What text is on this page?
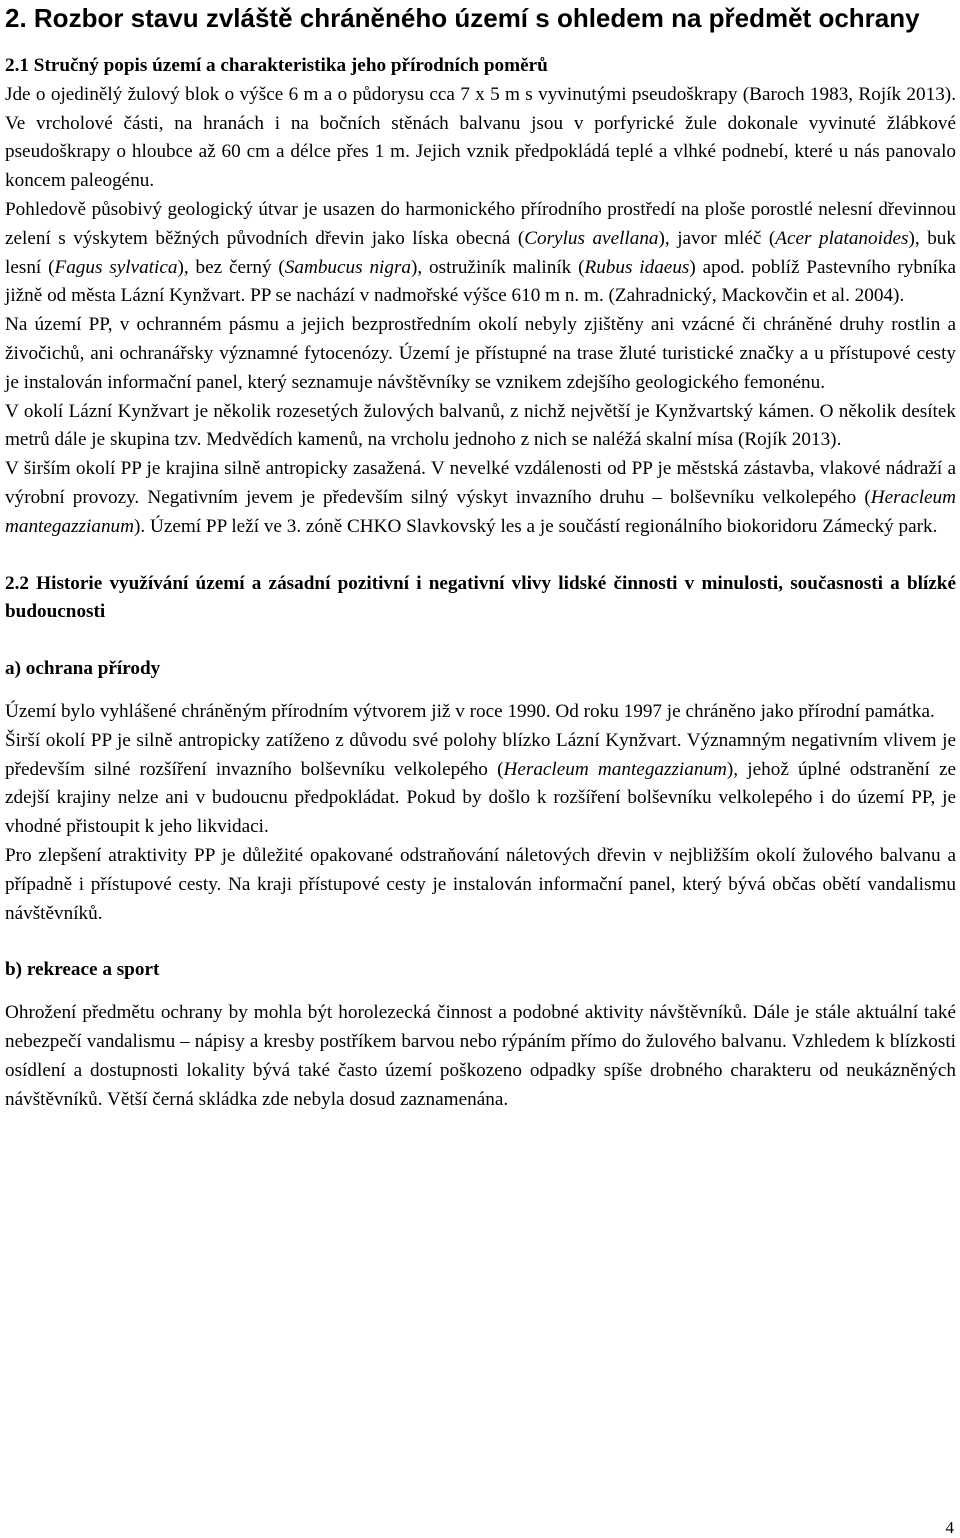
2. Rozbor stavu zvláště chráněného území s ohledem na předmět ochrany

2.1 Stručný popis území a charakteristika jeho přírodních poměrů

Jde o ojedinělý žulový blok o výšce 6 m a o půdorysu cca 7 x 5 m s vyvinutými pseudoškrapy (Baroch 1983, Rojík 2013). Ve vrcholové části, na hranách i na bočních stěnách balvanu jsou v porfyrické žule dokonale vyvinuté žlábkové pseudoškrapy o hloubce až 60 cm a délce přes 1 m. Jejich vznik předpokládá teplé a vlhké podnebí, které u nás panovalo koncem paleogénu.

Pohledově působivý geologický útvar je usazen do harmonického přírodního prostředí na ploše porostlé nelesní dřevinnou zelení s výskytem běžných původních dřevin jako líska obecná (Corylus avellana), javor mléč (Acer platanoides), buk lesní (Fagus sylvatica), bez černý (Sambucus nigra), ostružiník maliník (Rubus idaeus) apod. poblíž Pastevního rybníka jižně od města Lázní Kynžvart. PP se nachází v nadmořské výšce 610 m n. m. (Zahradnický, Mackovčin et al. 2004).

Na území PP, v ochranném pásmu a jejich bezprostředním okolí nebyly zjištěny ani vzácné či chráněné druhy rostlin a živočichů, ani ochranářsky významné fytocenózy. Území je přístupné na trase žluté turistické značky a u přístupové cesty je instalován informační panel, který seznamuje návštěvníky se vznikem zdejšího geologického femonénu.

V okolí Lázní Kynžvart je několik rozesetých žulových balvanů, z nichž největší je Kynžvartský kámen. O několik desítek metrů dále je skupina tzv. Medvědích kamenů, na vrcholu jednoho z nich se naléžá skalní mísa (Rojík 2013).

V širším okolí PP je krajina silně antropicky zasažená. V nevelké vzdálenosti od PP je městská zástavba, vlakové nádraží a výrobní provozy. Negativním jevem je především silný výskyt invazního druhu – bolševníku velkolepého (Heracleum mantegazzianum). Území PP leží ve 3. zóně CHKO Slavkovský les a je součástí regionálního biokoridoru Zámecký park.

2.2 Historie využívání území a zásadní pozitivní i negativní vlivy lidské činnosti v minulosti, současnosti a blízké budoucnosti

a) ochrana přírody

Území bylo vyhlášené chráněným přírodním výtvorem již v roce 1990. Od roku 1997 je chráněno jako přírodní památka.

Širší okolí PP je silně antropicky zatíženo z důvodu své polohy blízko Lázní Kynžvart. Významným negativním vlivem je především silné rozšíření invazního bolševníku velkolepého (Heracleum mantegazzianum), jehož úplné odstranění ze zdejší krajiny nelze ani v budoucnu předpokládat. Pokud by došlo k rozšíření bolševníku velkolepého i do území PP, je vhodné přistoupit k jeho likvidaci.

Pro zlepšení atraktivity PP je důležité opakované odstraňování náletových dřevin v nejbližším okolí žulového balvanu a případně i přístupové cesty. Na kraji přístupové cesty je instalován informační panel, který bývá občas obětí vandalismu návštěvníků.

b) rekreace a sport

Ohrožení předmětu ochrany by mohla být horolezecká činnost a podobné aktivity návštěvníků. Dále je stále aktuální také nebezpečí vandalismu – nápisy a kresby postříkem barvou nebo rýpáním přímo do žulového balvanu. Vzhledem k blízkosti osídlení a dostupnosti lokality bývá také často území poškozeno odpadky spíše drobného charakteru od neukázněných návštěvníků. Větší černá skládka zde nebyla dosud zaznamenána.

4
